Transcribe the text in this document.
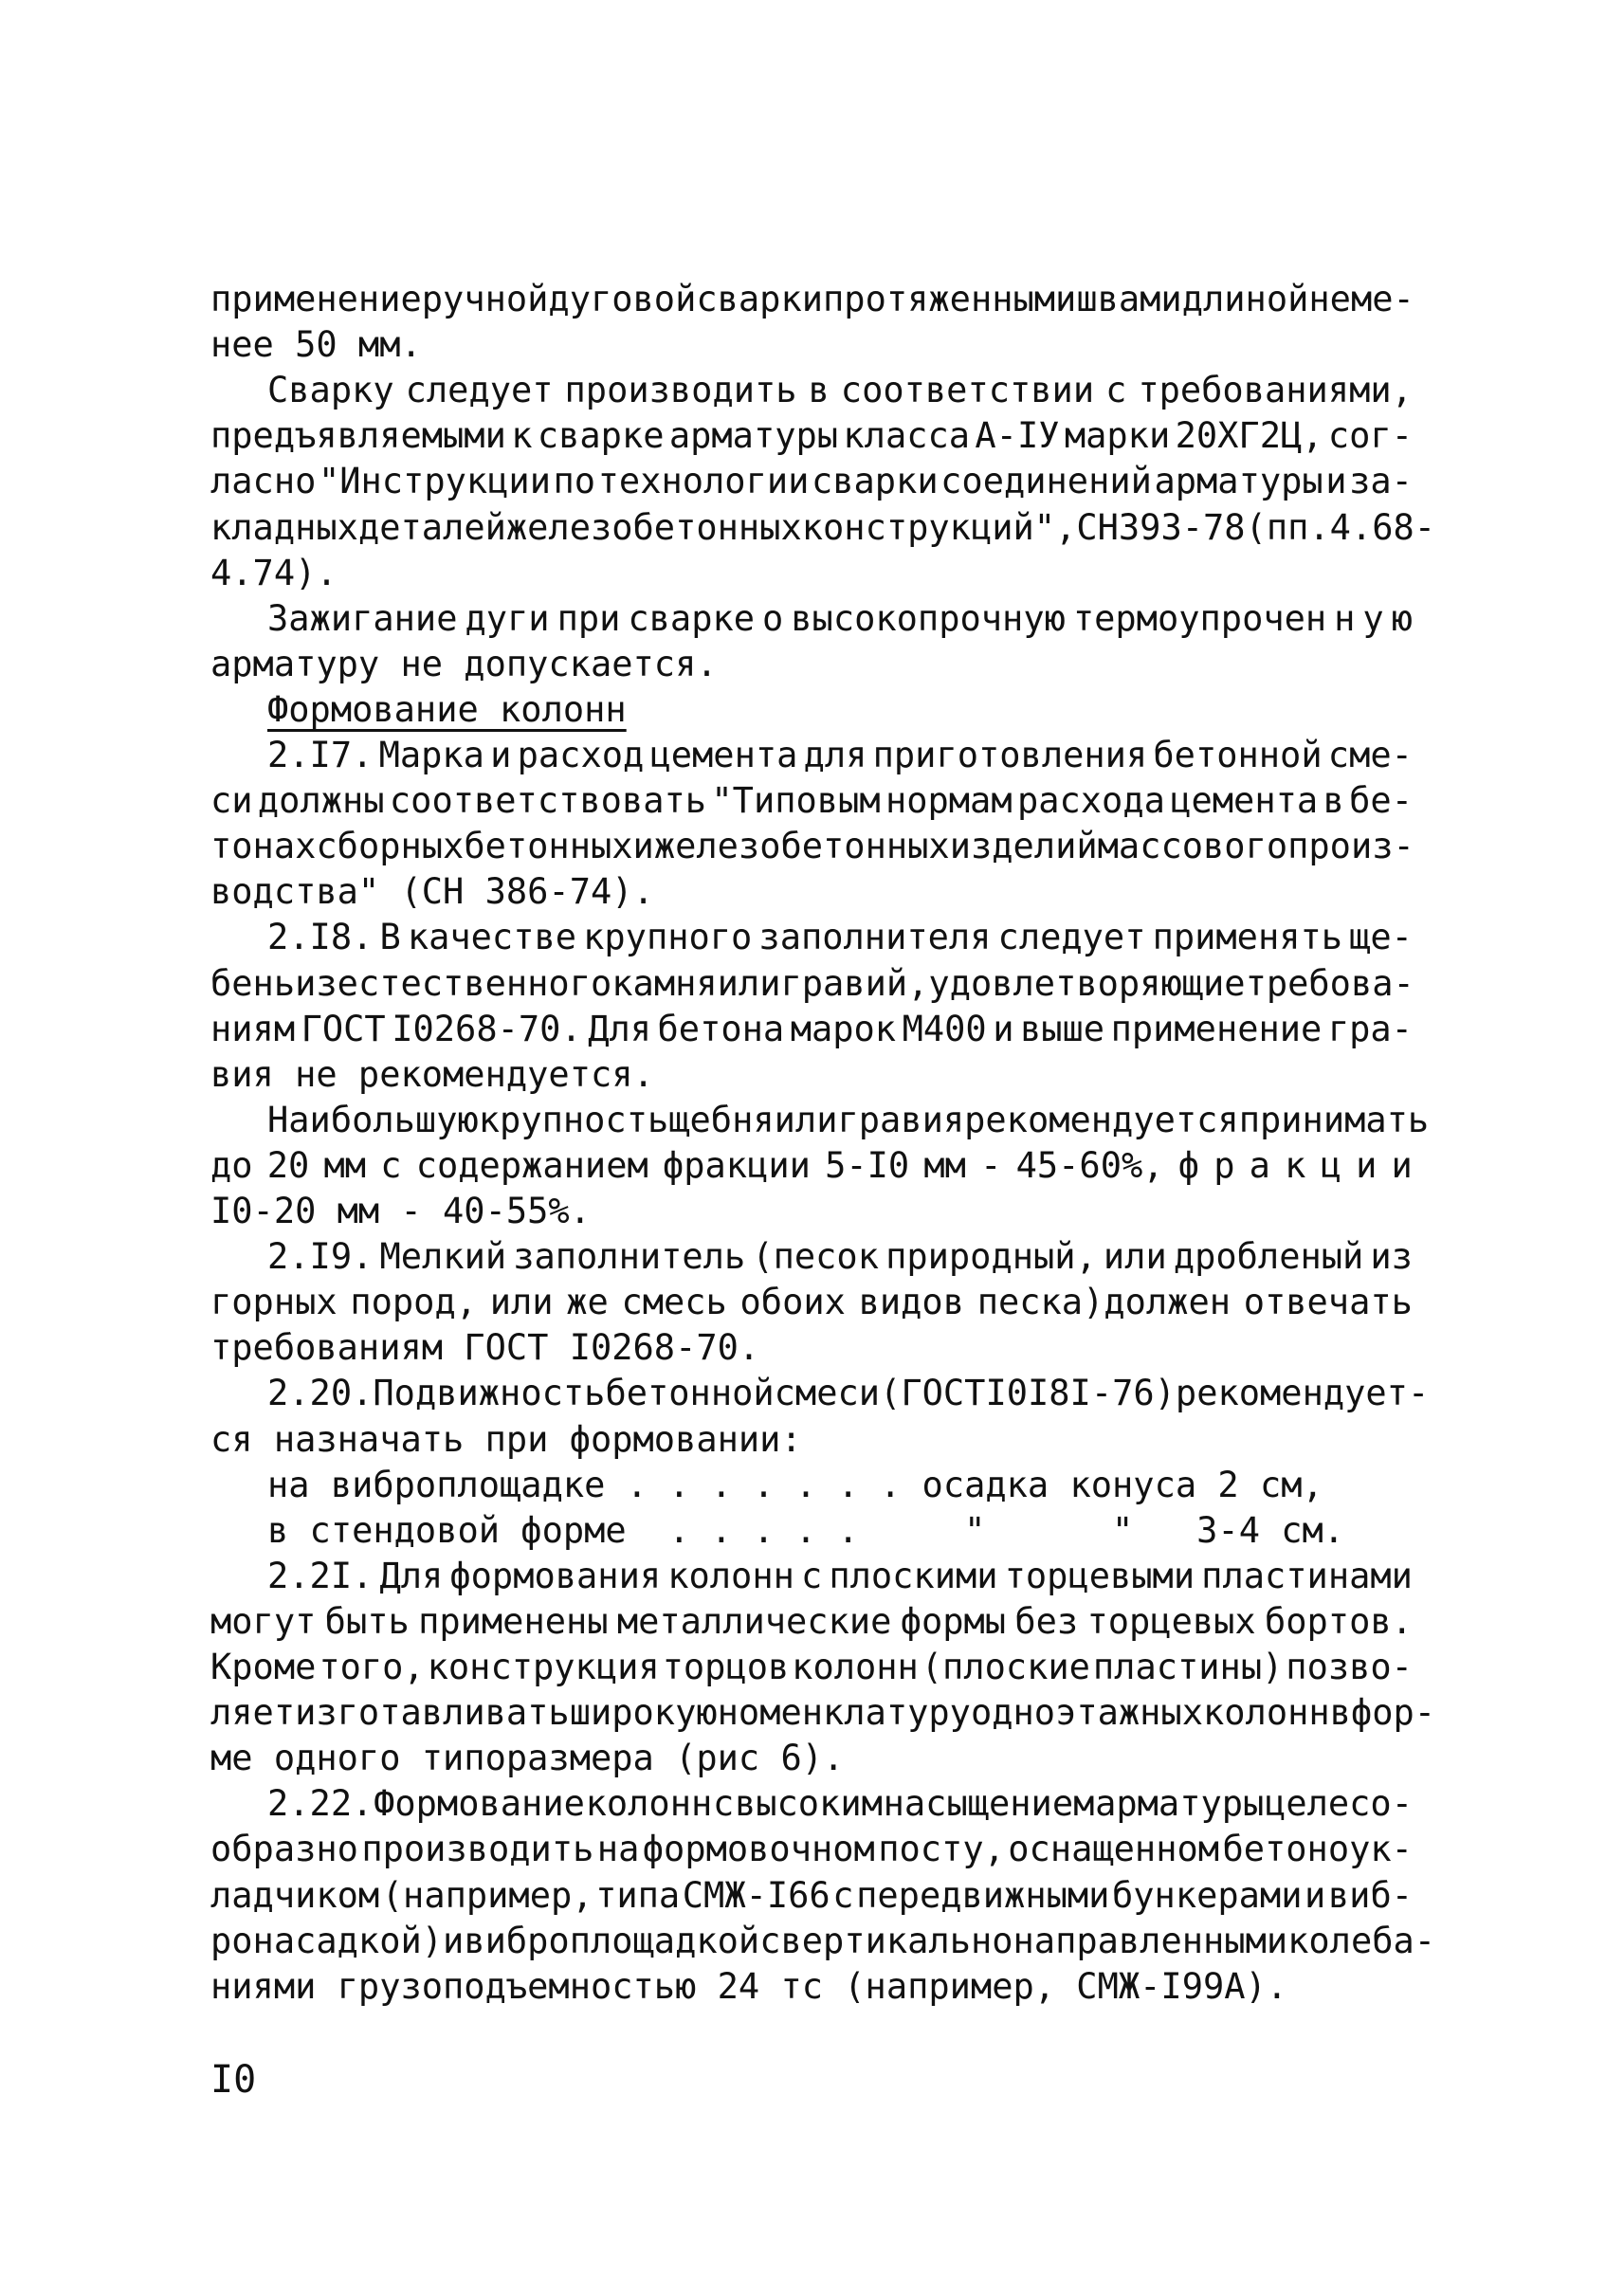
применение ручной дуговой сварки протяженными швами длиной не ме-
нее 50 мм.
Сварку следует производить в соответствии с требованиями,
предъявляемыми к сварке арматуры класса А-IУ марки 20ХГ2Ц, сог-
ласно "Инструкции по технологии сварки соединений арматуры и за-
кладных деталей железобетонных конструкций", СН 393-78 (пп.4.68-
4.74).
Зажигание дуги при сварке о высокопрочную термоупрочен н у ю
арматуру не допускается.
Формование колонн
2.I7. Марка и расход цемента для приготовления бетонной сме-
си должны соответствовать "Типовым нормам расхода цемента в бе-
тонах сборных бетонных и железобетонных изделий массового произ-
водства" (СН 386-74).
2.I8. В качестве крупного заполнителя следует применять ще-
бень из естественного камня или гравий, удовлетворяющие требова-
ниям ГОСТ I0268-70. Для бетона марок М400 и выше применение гра-
вия не рекомендуется.
Наибольшую крупность щебня или гравия рекомендуется принимать
до 20 мм с содержанием фракции 5-I0 мм - 45-60%, ф р а к ц и и
I0-20 мм - 40-55%.
2.I9. Мелкий заполнитель (песок природный, или дробленый из
горных пород, или же смесь обоих видов песка)должен отвечать
требованиям ГОСТ I0268-70.
2.20. Подвижность бетонной смеси (ГОСТ I0I8I-76) рекомендует-
ся назначать при формовании:
на виброплощадке . . . . . . . осадка конуса 2 см,
в стендовой форме  . . . . .     "      "   3-4 см.
2.2I. Для формования колонн с плоскими торцевыми пластинами
могут быть применены металлические формы без торцевых бортов.
Кроме того, конструкция торцов колонн (плоские пластины) позво-
ляет изготавливать широкую номенклатуру одноэтажных колонн в фор-
ме одного типоразмера (рис 6).
2.22. Формование колонн с высоким насыщением арматуры целесо-
образно производить на формовочном посту, оснащенном бетоноук-
ладчиком (например, типа СМЖ-I66 с передвижными бункерами и виб-
ронасадкой) и виброплощадкой с вертикально направленными колеба-
ниями грузоподъемностью 24 тс (например, СМЖ-I99А).
I0
